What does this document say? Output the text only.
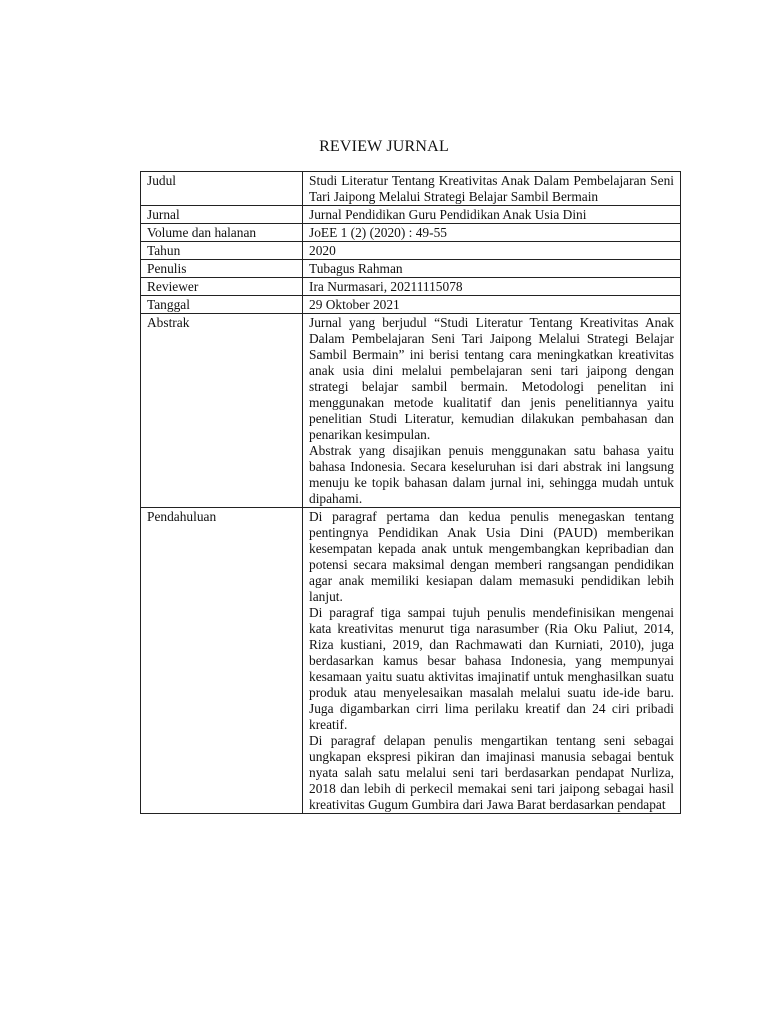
REVIEW JURNAL
Judul	Studi Literatur Tentang Kreativitas Anak Dalam Pembelajaran Seni Tari Jaipong Melalui Strategi Belajar Sambil Bermain

Jurnal	Jurnal Pendidikan Guru Pendidikan Anak Usia Dini

Volume dan halanan	JoEE 1 (2) (2020) : 49-55

Tahun	2020

Penulis	Tubagus Rahman

Reviewer	Ira Nurmasari, 20211115078

Tanggal	29 Oktober 2021

Abstrak	Jurnal yang berjudul “Studi Literatur Tentang Kreativitas Anak Dalam Pembelajaran Seni Tari Jaipong Melalui Strategi Belajar Sambil Bermain” ini berisi tentang cara meningkatkan kreativitas anak usia dini melalui pembelajaran seni tari jaipong dengan strategi belajar sambil bermain. Metodologi penelitan ini menggunakan metode kualitatif dan jenis penelitiannya yaitu penelitian Studi Literatur, kemudian dilakukan pembahasan dan penarikan kesimpulan.

Abstrak yang disajikan penuis menggunakan satu bahasa yaitu bahasa Indonesia. Secara keseluruhan isi dari abstrak ini langsung menuju ke topik bahasan dalam jurnal ini, sehingga mudah untuk dipahami.

Pendahuluan	Di paragraf pertama dan kedua penulis menegaskan tentang pentingnya Pendidikan Anak Usia Dini (PAUD) memberikan kesempatan kepada anak untuk mengembangkan kepribadian dan potensi secara maksimal dengan memberi rangsangan pendidikan agar anak memiliki kesiapan dalam memasuki pendidikan lebih lanjut.

Di paragraf tiga sampai tujuh penulis mendefinisikan mengenai kata kreativitas menurut tiga narasumber (Ria Oku Paliut, 2014, Riza kustiani, 2019, dan Rachmawati dan Kurniati, 2010), juga berdasarkan kamus besar bahasa Indonesia, yang mempunyai kesamaan yaitu suatu aktivitas imajinatif untuk menghasilkan suatu produk atau menyelesaikan masalah melalui suatu ide-ide baru. Juga digambarkan cirri lima perilaku kreatif dan 24 ciri pribadi kreatif.

Di paragraf delapan penulis mengartikan tentang seni sebagai ungkapan ekspresi pikiran dan imajinasi manusia sebagai bentuk nyata salah satu melalui seni tari berdasarkan pendapat Nurliza, 2018 dan lebih di perkecil memakai seni tari jaipong sebagai hasil kreativitas Gugum Gumbira dari Jawa Barat berdasarkan pendapat
